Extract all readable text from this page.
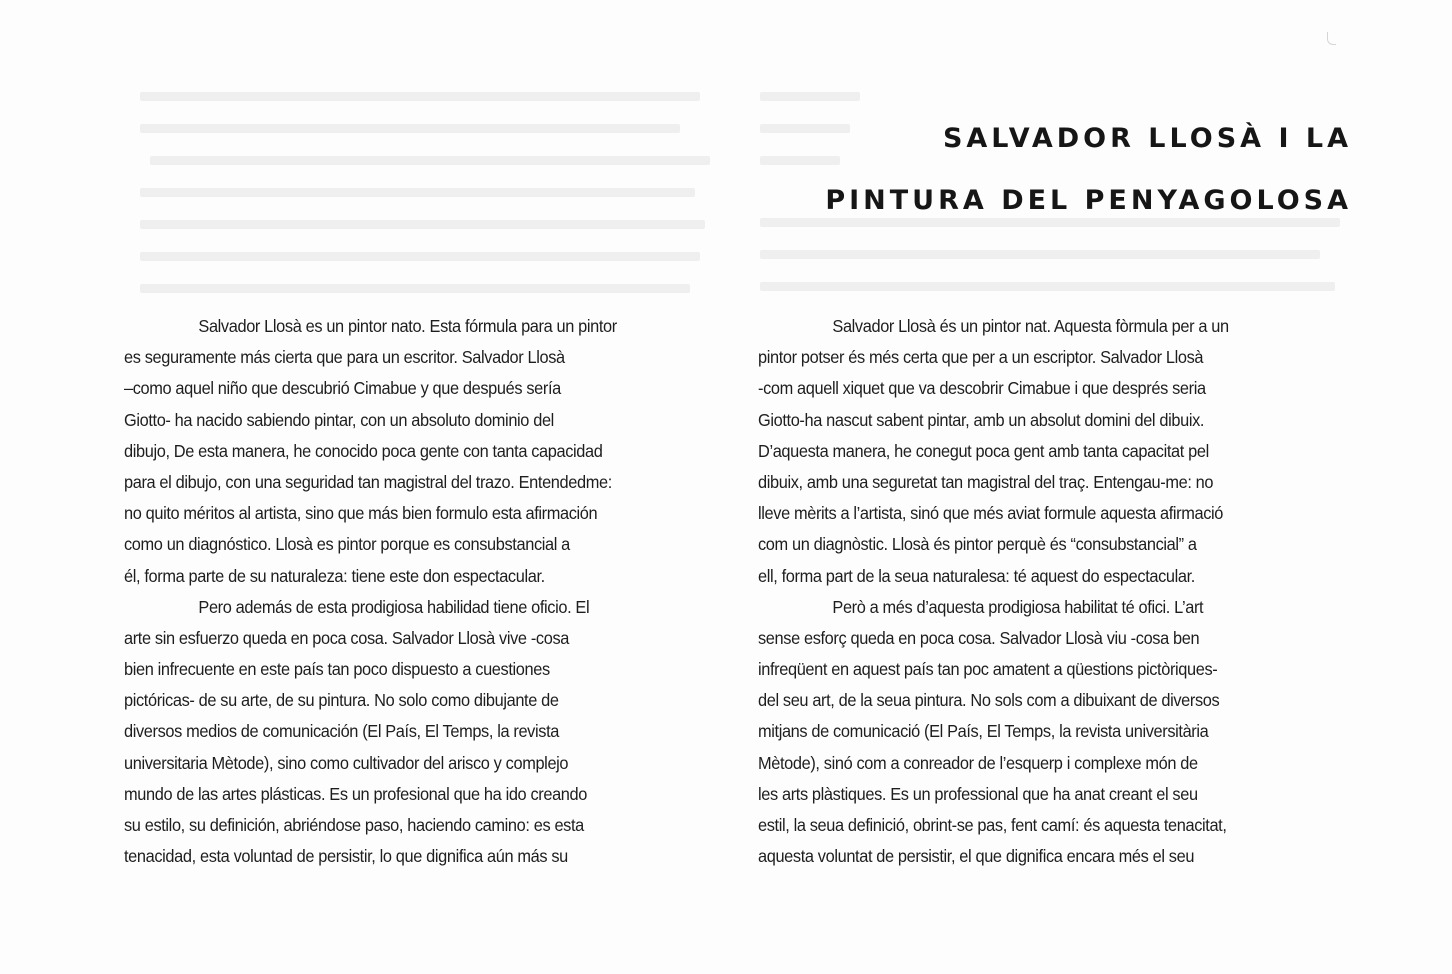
SALVADOR LLOSÀ I LA
PINTURA DEL PENYAGOLOSA
Salvador Llosà es un pintor nato. Esta fórmula para un pintor
es seguramente más cierta que para un escritor. Salvador Llosà
–como aquel niño que descubrió Cimabue y que después sería
Giotto- ha nacido sabiendo pintar, con un absoluto dominio del
dibujo, De esta manera, he conocido poca gente con tanta capacidad
para el dibujo, con una seguridad tan magistral del trazo. Entendedme:
no quito méritos al artista, sino que más bien formulo esta afirmación
como un diagnóstico. Llosà es pintor porque es consubstancial a
él, forma parte de su naturaleza: tiene este don espectacular.
Pero además de esta prodigiosa habilidad tiene oficio. El
arte sin esfuerzo queda en poca cosa. Salvador Llosà vive -cosa
bien infrecuente en este país tan poco dispuesto a cuestiones
pictóricas- de su arte, de su pintura. No solo como dibujante de
diversos medios de comunicación (El País, El Temps, la revista
universitaria Mètode), sino como cultivador del arisco y complejo
mundo de las artes plásticas. Es un profesional que ha ido creando
su estilo, su definición, abriéndose paso, haciendo camino: es esta
tenacidad, esta voluntad de persistir, lo que dignifica aún más su
Salvador Llosà és un pintor nat. Aquesta fòrmula per a un
pintor potser és més certa que per a un escriptor. Salvador Llosà
-com aquell xiquet que va descobrir Cimabue i que després seria
Giotto-ha nascut sabent pintar, amb un absolut domini del dibuix.
D’aquesta manera, he conegut poca gent amb tanta capacitat pel
dibuix, amb una seguretat tan magistral del traç. Entengau-me: no
lleve mèrits a l’artista, sinó que més aviat formule aquesta afirmació
com un diagnòstic. Llosà és pintor perquè és “consubstancial” a
ell, forma part de la seua naturalesa: té aquest do espectacular.
Però a més d’aquesta prodigiosa habilitat té ofici. L’art
sense esforç queda en poca cosa. Salvador Llosà viu -cosa ben
infreqüent en aquest país tan poc amatent a qüestions pictòriques-
del seu art, de la seua pintura. No sols com a dibuixant de diversos
mitjans de comunicació (El País, El Temps, la revista universitària
Mètode), sinó com a conreador de l’esquerp i complexe món de
les arts plàstiques. Es un professional que ha anat creant el seu
estil, la seua definició, obrint-se pas, fent camí: és aquesta tenacitat,
aquesta voluntat de persistir, el que dignifica encara més el seu
